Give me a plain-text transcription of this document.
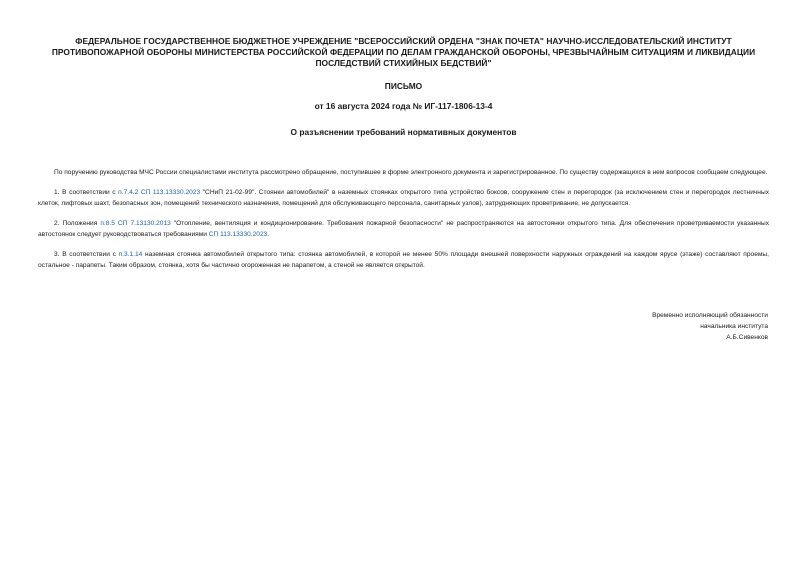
ФЕДЕРАЛЬНОЕ ГОСУДАРСТВЕННОЕ БЮДЖЕТНОЕ УЧРЕЖДЕНИЕ "ВСЕРОССИЙСКИЙ ОРДЕНА "ЗНАК ПОЧЕТА" НАУЧНО-ИССЛЕДОВАТЕЛЬСКИЙ ИНСТИТУТ ПРОТИВОПОЖАРНОЙ ОБОРОНЫ МИНИСТЕРСТВА РОССИЙСКОЙ ФЕДЕРАЦИИ ПО ДЕЛАМ ГРАЖДАНСКОЙ ОБОРОНЫ, ЧРЕЗВЫЧАЙНЫМ СИТУАЦИЯМ И ЛИКВИДАЦИИ ПОСЛЕДСТВИЙ СТИХИЙНЫХ БЕДСТВИЙ"
ПИСЬМО
от 16 августа 2024 года № ИГ-117-1806-13-4
О разъяснении требований нормативных документов

По поручению руководства МЧС России специалистами института рассмотрено обращение, поступившее в форме электронного документа и зарегистрированное. По существу содержащихся в нем вопросов сообщаем следующее.

1. В соответствии с п.7.4.2 СП 113.13330.2023 "СНиП 21-02-99". Стоянки автомобилей" в наземных стоянках открытого типа устройство боксов, сооружение стен и перегородок (за исключением стен и перегородок лестничных клеток, лифтовых шахт, безопасных зон, помещений технического назначения, помещений для обслуживающего персонала, санитарных узлов), затрудняющих проветривание, не допускается.

2. Положения п.8.5 СП 7.13130.2013 "Отопление, вентиляция и кондиционирование. Требования пожарной безопасности" не распространяются на автостоянки открытого типа. Для обеспечения проветриваемости указанных автостоянок следует руководствоваться требованиями СП 113.13330.2023.

3. В соответствии с п.3.1.14 наземная стоянка автомобилей открытого типа: стоянка автомобилей, в которой не менее 50% площади внешней поверхности наружных ограждений на каждом ярусе (этаже) составляют проемы, остальное - парапеты. Таким образом, стоянка, хотя бы частично огороженная не парапетом, а стеной не является открытой.

Временно исполняющий обязанности
начальника института
А.Б.Сивенков
